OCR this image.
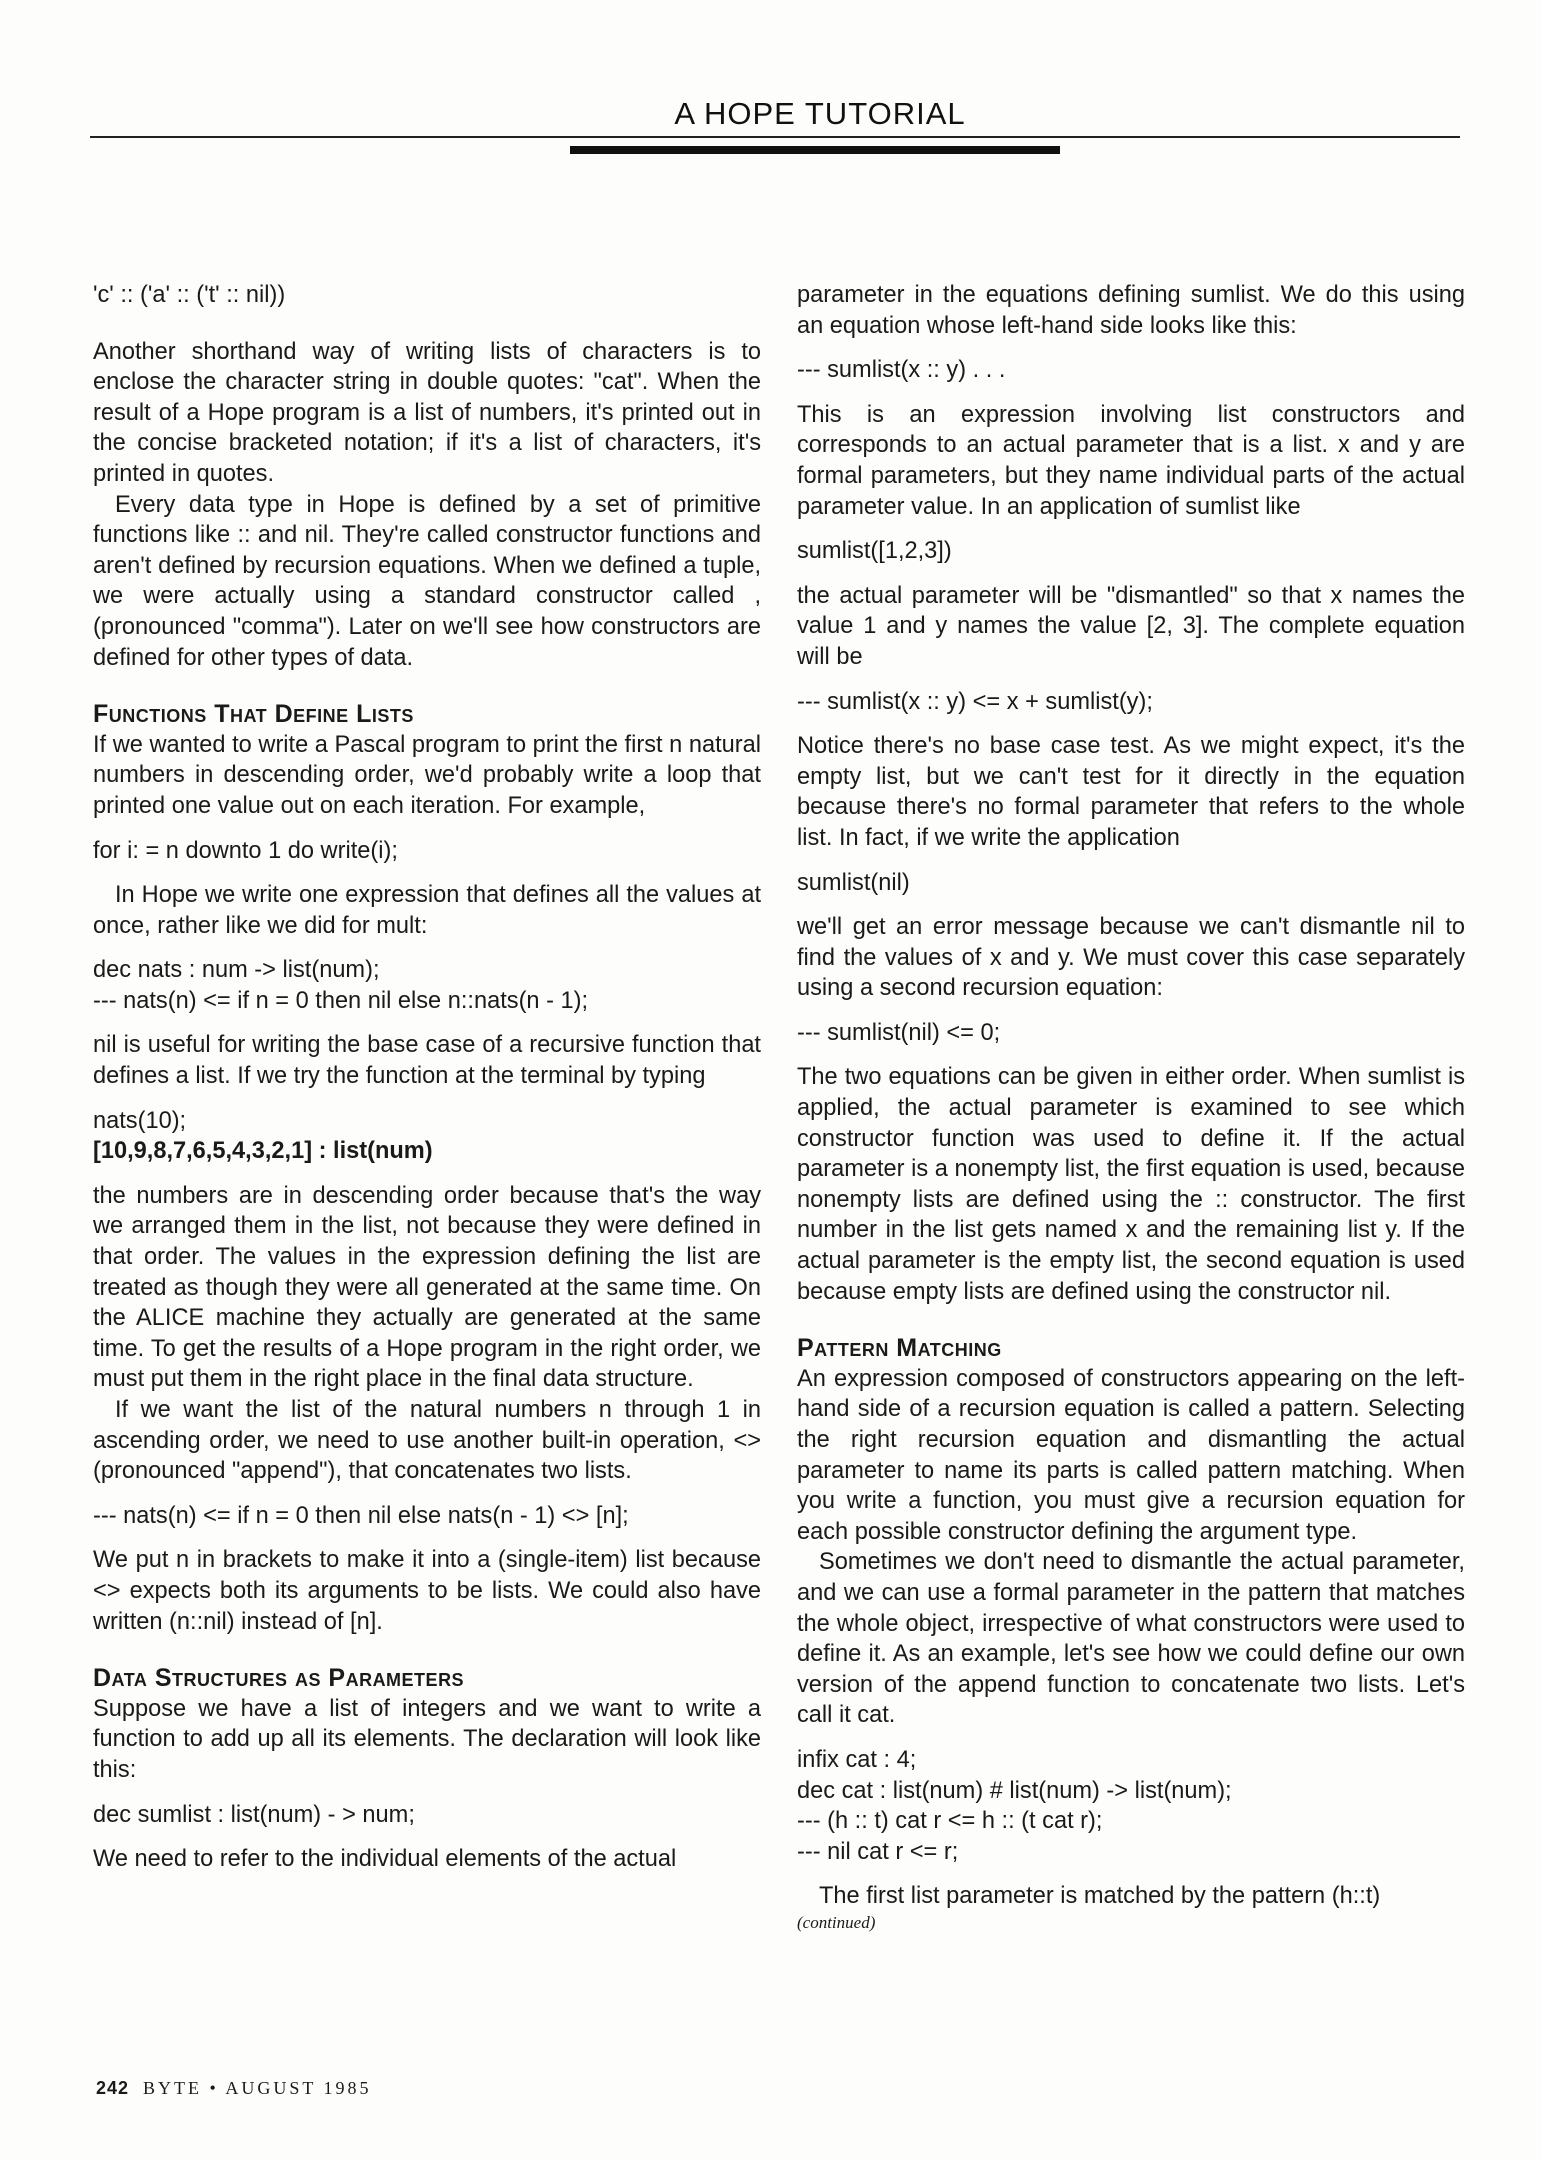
A HOPE TUTORIAL
'c' :: ('a' :: ('t' :: nil))

Another shorthand way of writing lists of characters is to enclose the character string in double quotes: "cat". When the result of a Hope program is a list of numbers, it's printed out in the concise bracketed notation; if it's a list of characters, it's printed in quotes.

Every data type in Hope is defined by a set of primitive functions like :: and nil. They're called constructor functions and aren't defined by recursion equations. When we defined a tuple, we were actually using a standard constructor called , (pronounced "comma"). Later on we'll see how constructors are defined for other types of data.

Functions That Define Lists

If we wanted to write a Pascal program to print the first n natural numbers in descending order, we'd probably write a loop that printed one value out on each iteration. For example,

for i: = n downto 1 do write(i);

In Hope we write one expression that defines all the values at once, rather like we did for mult:

dec nats : num -> list(num);
--- nats(n) <= if n = 0 then nil else n::nats(n - 1);

nil is useful for writing the base case of a recursive function that defines a list. If we try the function at the terminal by typing

nats(10);
[10,9,8,7,6,5,4,3,2,1] : list(num)

the numbers are in descending order because that's the way we arranged them in the list, not because they were defined in that order. The values in the expression defining the list are treated as though they were all generated at the same time. On the ALICE machine they actually are generated at the same time. To get the results of a Hope program in the right order, we must put them in the right place in the final data structure.

If we want the list of the natural numbers n through 1 in ascending order, we need to use another built-in operation, <> (pronounced "append"), that concatenates two lists.

--- nats(n) <= if n = 0 then nil else nats(n - 1) <> [n];

We put n in brackets to make it into a (single-item) list because <> expects both its arguments to be lists. We could also have written (n::nil) instead of [n].

Data Structures as Parameters

Suppose we have a list of integers and we want to write a function to add up all its elements. The declaration will look like this:

dec sumlist : list(num) - > num;

We need to refer to the individual elements of the actual

parameter in the equations defining sumlist. We do this using an equation whose left-hand side looks like this:

--- sumlist(x :: y) . . .

This is an expression involving list constructors and corresponds to an actual parameter that is a list. x and y are formal parameters, but they name individual parts of the actual parameter value. In an application of sumlist like

sumlist([1,2,3])

the actual parameter will be "dismantled" so that x names the value 1 and y names the value [2, 3]. The complete equation will be

--- sumlist(x :: y) <= x + sumlist(y);

Notice there's no base case test. As we might expect, it's the empty list, but we can't test for it directly in the equation because there's no formal parameter that refers to the whole list. In fact, if we write the application

sumlist(nil)

we'll get an error message because we can't dismantle nil to find the values of x and y. We must cover this case separately using a second recursion equation:

--- sumlist(nil) <= 0;

The two equations can be given in either order. When sumlist is applied, the actual parameter is examined to see which constructor function was used to define it. If the actual parameter is a nonempty list, the first equation is used, because nonempty lists are defined using the :: constructor. The first number in the list gets named x and the remaining list y. If the actual parameter is the empty list, the second equation is used because empty lists are defined using the constructor nil.

Pattern Matching

An expression composed of constructors appearing on the left-hand side of a recursion equation is called a pattern. Selecting the right recursion equation and dismantling the actual parameter to name its parts is called pattern matching. When you write a function, you must give a recursion equation for each possible constructor defining the argument type.

Sometimes we don't need to dismantle the actual parameter, and we can use a formal parameter in the pattern that matches the whole object, irrespective of what constructors were used to define it. As an example, let's see how we could define our own version of the append function to concatenate two lists. Let's call it cat.

infix cat : 4;
dec cat : list(num) # list(num) -> list(num);
--- (h :: t) cat r <= h :: (t cat r);
--- nil cat r <= r;

The first list parameter is matched by the pattern (h::t)

(continued)

242 BYTE • AUGUST 1985
